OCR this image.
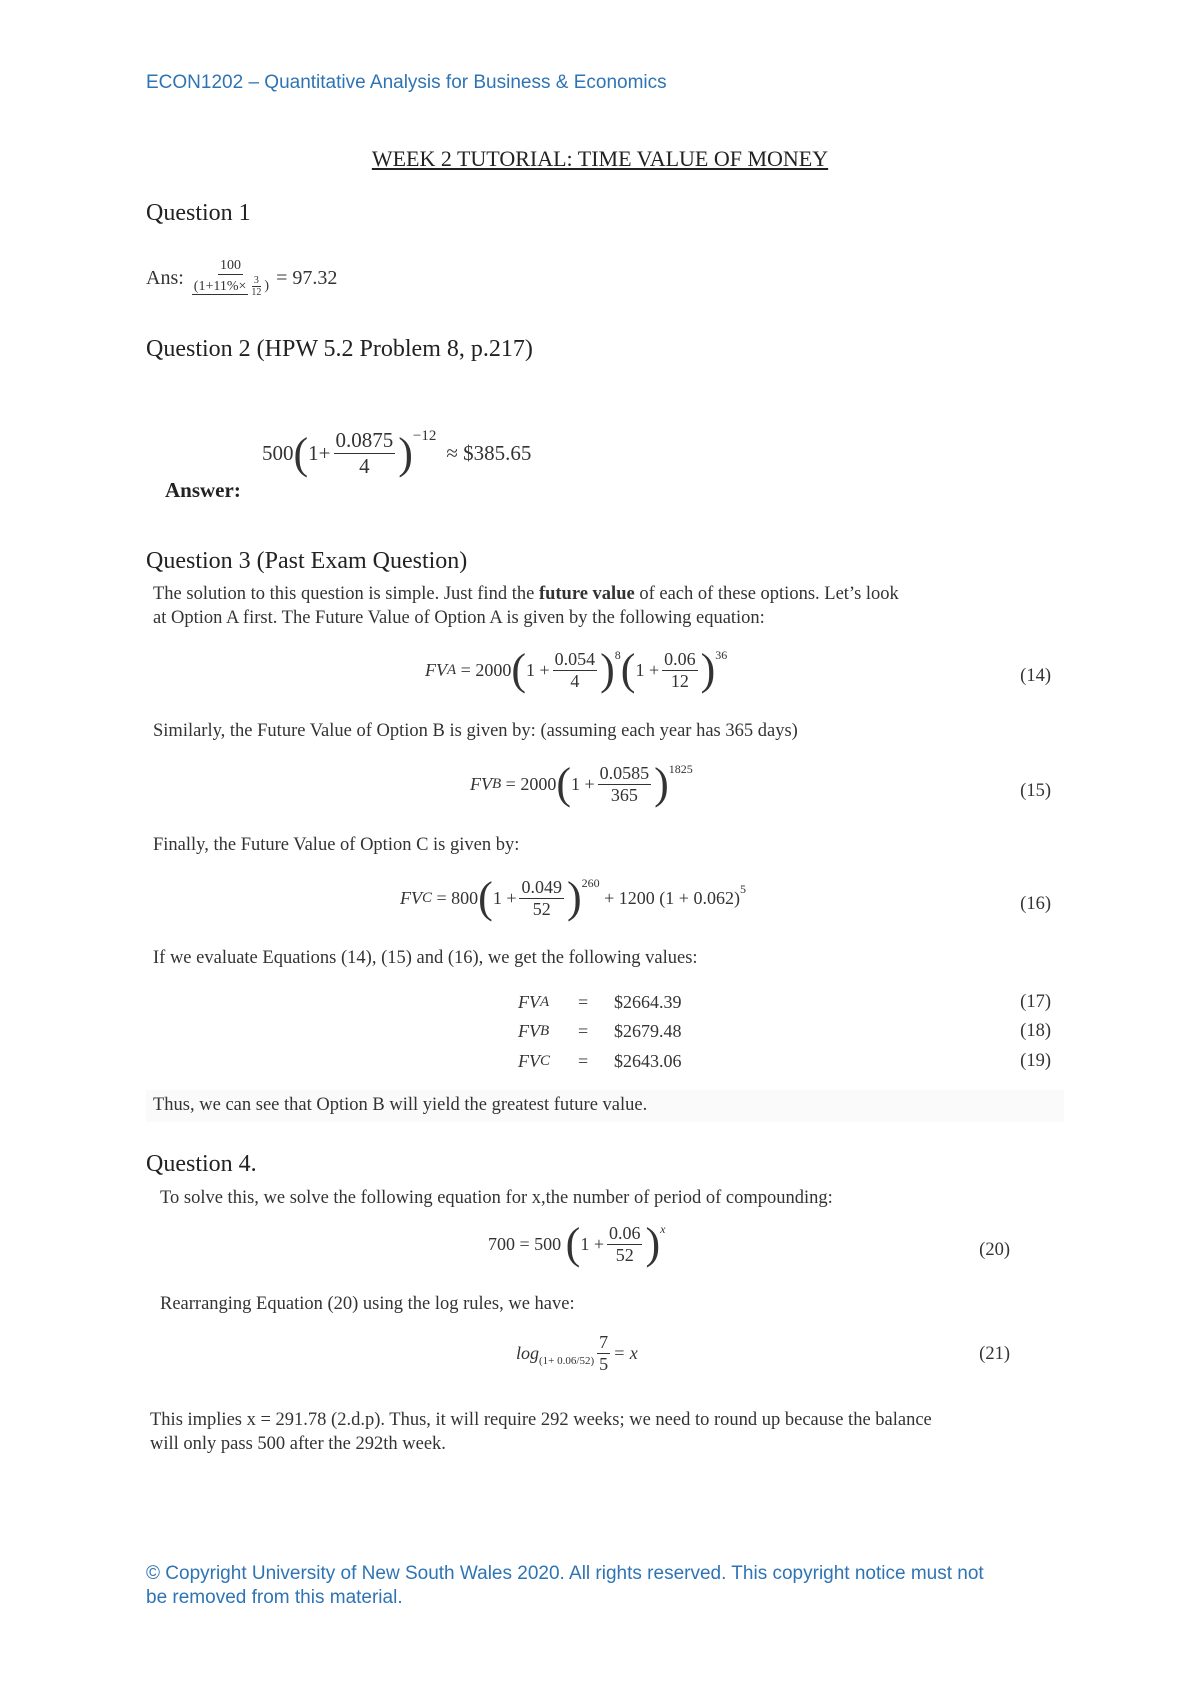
ECON1202 – Quantitative Analysis for Business & Economics
WEEK 2 TUTORIAL: TIME VALUE OF MONEY
Question 1
Ans: $\frac{100}{(1+11\%\times \frac{3}{12} )} = 97.32$
Question 2 (HPW 5.2 Problem 8, p.217)
500 ( $1+ \frac{0.0875}{4} )^{-12}$
≈ $385.65
Answer:
Question 3 (Past Exam Question)
The solution to this question is simple. Just find the future value of each of these options. Let’s look
at Option A first. The Future Value of Option A is given by the following equation:
FV A
= 2000 ( $1 + \frac{0.054}{4} )^8$ ( $1 + \frac{0.06}{12} )^{36}$
(14)
Similarly, the Future Value of Option B is given by: (assuming each year has 365 days)
FV B
= 2000 ( $1 + \frac{0.0585}{365} )^{1825}$
(15)
Finally, the Future Value of Option C is given by:
FV C
= 800 ( $1 + \frac{0.049}{52} )^{260}$

+ 1200 $(1 + 0.062)^5$
(16)
If we evaluate Equations (14), (15) and (16), we get the following values:
FV A = $2664.39	(17)
FV B = $2679.48	(18)
FV C = $2643.06	(19)
Thus, we can see that Option B will yield the greatest future value.
Question 4.
To solve this, we solve the following equation for x,the number of period of compounding:
700 = 500
( $1 + \frac{0.06}{52} )^x$
(20)
Rearranging Equation (20) using the log rules, we have:
$\log_{(1+ 0.06/52)} \frac{7}{5} = x$	(21)
This implies x = 291.78 (2.d.p). Thus, it will require 292 weeks; we need to round up because the balance
will only pass 500 after the 292th week.
© Copyright University of New South Wales 2020. All rights reserved. This copyright notice must not
be removed from this material.
